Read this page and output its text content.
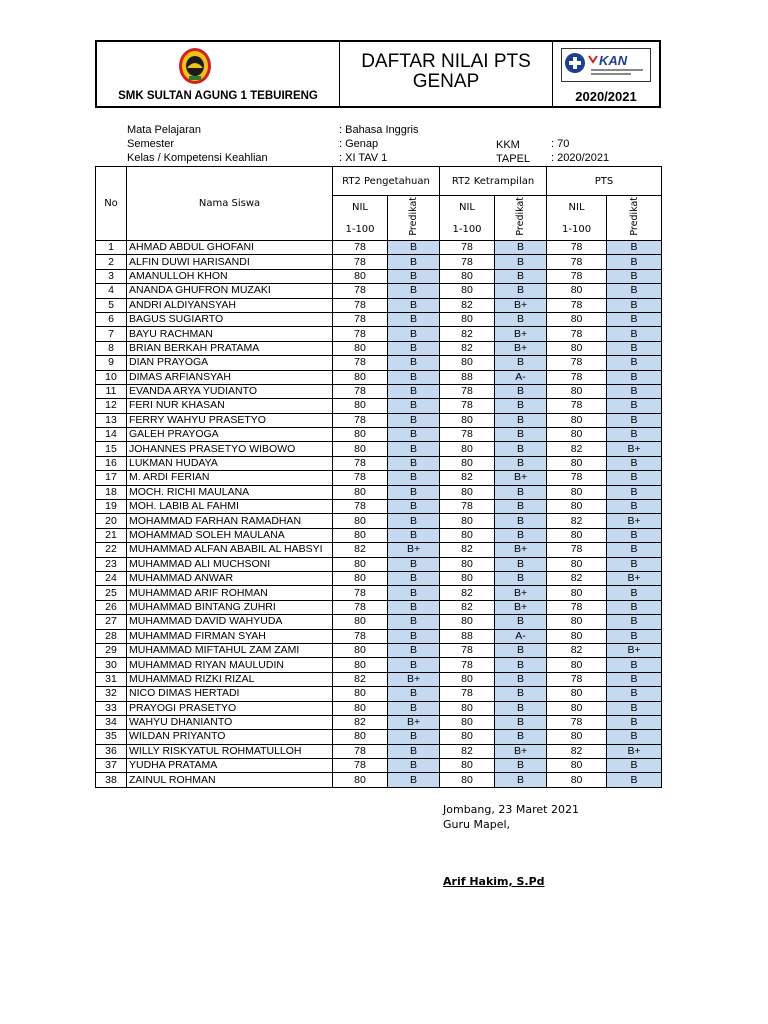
SMK SULTAN AGUNG 1 TEBUIRENG
DAFTAR NILAI PTS
GENAP
KAN
2020/2021
Mata Pelajaran	: Bahasa Inggris
Semester	: Genap	KKM	: 70
Kelas / Kompetensi Keahlian	: XI TAV 1	TAPEL : 2020/2021
No	Nama Siswa	RT2 Pengetahuan		RT2 Ketrampilan		PTS	
		NIL	Predikat	NIL	Predikat	NIL	Predikat
		1-100		1-100		1-100	
1	AHMAD ABDUL GHOFANI	78	B	78	B	78	B
2	ALFIN DUWI HARISANDI	78	B	78	B	78	B
3	AMANULLOH KHON	80	B	80	B	78	B
4	ANANDA GHUFRON MUZAKI	78	B	80	B	80	B
5	ANDRI ALDIYANSYAH	78	B	82	B+	78	B
6	BAGUS SUGIARTO	78	B	80	B	80	B
7	BAYU RACHMAN	78	B	82	B+	78	B
8	BRIAN BERKAH PRATAMA	80	B	82	B+	80	B
9	DIAN PRAYOGA	78	B	80	B	78	B
10	DIMAS ARFIANSYAH	80	B	88	A-	78	B
11	EVANDA ARYA YUDIANTO	78	B	78	B	80	B
12	FERI NUR KHASAN	80	B	78	B	78	B
13	FERRY WAHYU PRASETYO	78	B	80	B	80	B
14	GALEH PRAYOGA	80	B	78	B	80	B
15	JOHANNES PRASETYO WIBOWO	80	B	80	B	82	B+
16	LUKMAN HUDAYA	78	B	80	B	80	B
17	M. ARDI FERIAN	78	B	82	B+	78	B
18	MOCH. RICHI MAULANA	80	B	80	B	80	B
19	MOH. LABIB AL FAHMI	78	B	78	B	80	B
20	MOHAMMAD FARHAN RAMADHAN	80	B	80	B	82	B+
21	MOHAMMAD SOLEH MAULANA	80	B	80	B	80	B
22	MUHAMMAD ALFAN ABABIL AL HABSYI	82	B+	82	B+	78	B
23	MUHAMMAD ALI MUCHSONI	80	B	80	B	80	B
24	MUHAMMAD ANWAR	80	B	80	B	82	B+
25	MUHAMMAD ARIF ROHMAN	78	B	82	B+	80	B
26	MUHAMMAD BINTANG ZUHRI	78	B	82	B+	78	B
27	MUHAMMAD DAVID WAHYUDA	80	B	80	B	80	B
28	MUHAMMAD FIRMAN SYAH	78	B	88	A-	80	B
29	MUHAMMAD MIFTAHUL ZAM ZAMI	80	B	78	B	82	B+
30	MUHAMMAD RIYAN MAULUDIN	80	B	78	B	80	B
31	MUHAMMAD RIZKI RIZAL	82	B+	80	B	78	B
32	NICO DIMAS HERTADI	80	B	78	B	80	B
33	PRAYOGI PRASETYO	80	B	80	B	80	B
34	WAHYU DHANIANTO	82	B+	80	B	78	B
35	WILDAN PRIYANTO	80	B	80	B	80	B
36	WILLY RISKYATUL ROHMATULLOH	78	B	82	B+	82	B+
37	YUDHA PRATAMA	78	B	80	B	80	B
38	ZAINUL ROHMAN	80	B	80	B	80	B
Jombang, 23 Maret 2021
Guru Mapel,
Arif Hakim, S.Pd
